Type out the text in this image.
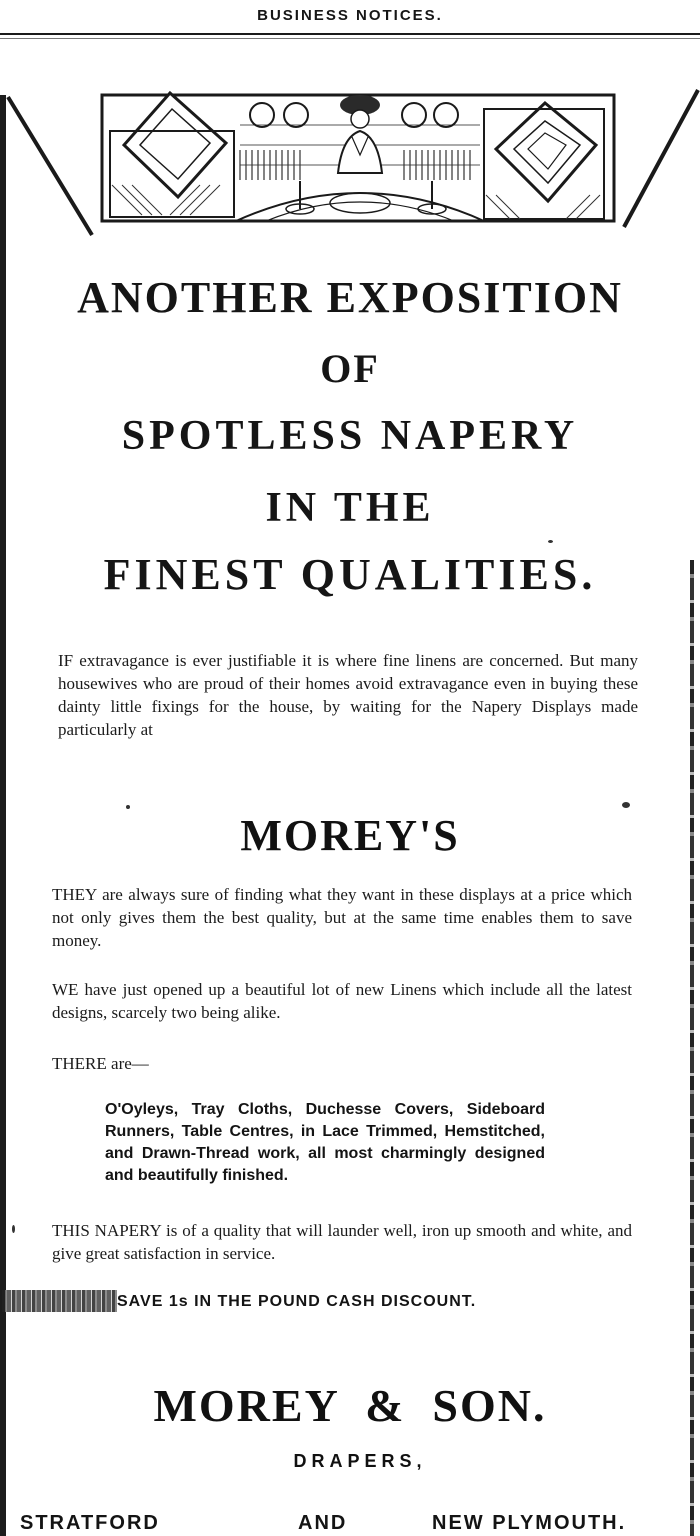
BUSINESS NOTICES.
ANOTHER EXPOSITION
OF
SPOTLESS NAPERY
IN THE
FINEST QUALITIES.
IF extravagance is ever justifiable it is where fine linens are concerned. But many housewives who are proud of their homes avoid extravagance even in buying these dainty little fixings for the house, by waiting for the Napery Displays made particularly at
MOREY'S
THEY are always sure of finding what they want in these displays at a price which not only gives them the best quality, but at the same time enables them to save money.
WE have just opened up a beautiful lot of new Linens which include all the latest designs, scarcely two being alike.
THERE are—
O'Oyleys, Tray Cloths, Duchesse Covers, Sideboard Runners, Table Centres, in Lace Trimmed, Hemstitched, and Drawn-Thread work, all most charmingly designed and beautifully finished.
THIS NAPERY is of a quality that will launder well, iron up smooth and white, and give great satisfaction in service.
SAVE 1s IN THE POUND CASH DISCOUNT.
MOREY  &  SON.
DRAPERS,
STRATFORD	AND	NEW PLYMOUTH.
